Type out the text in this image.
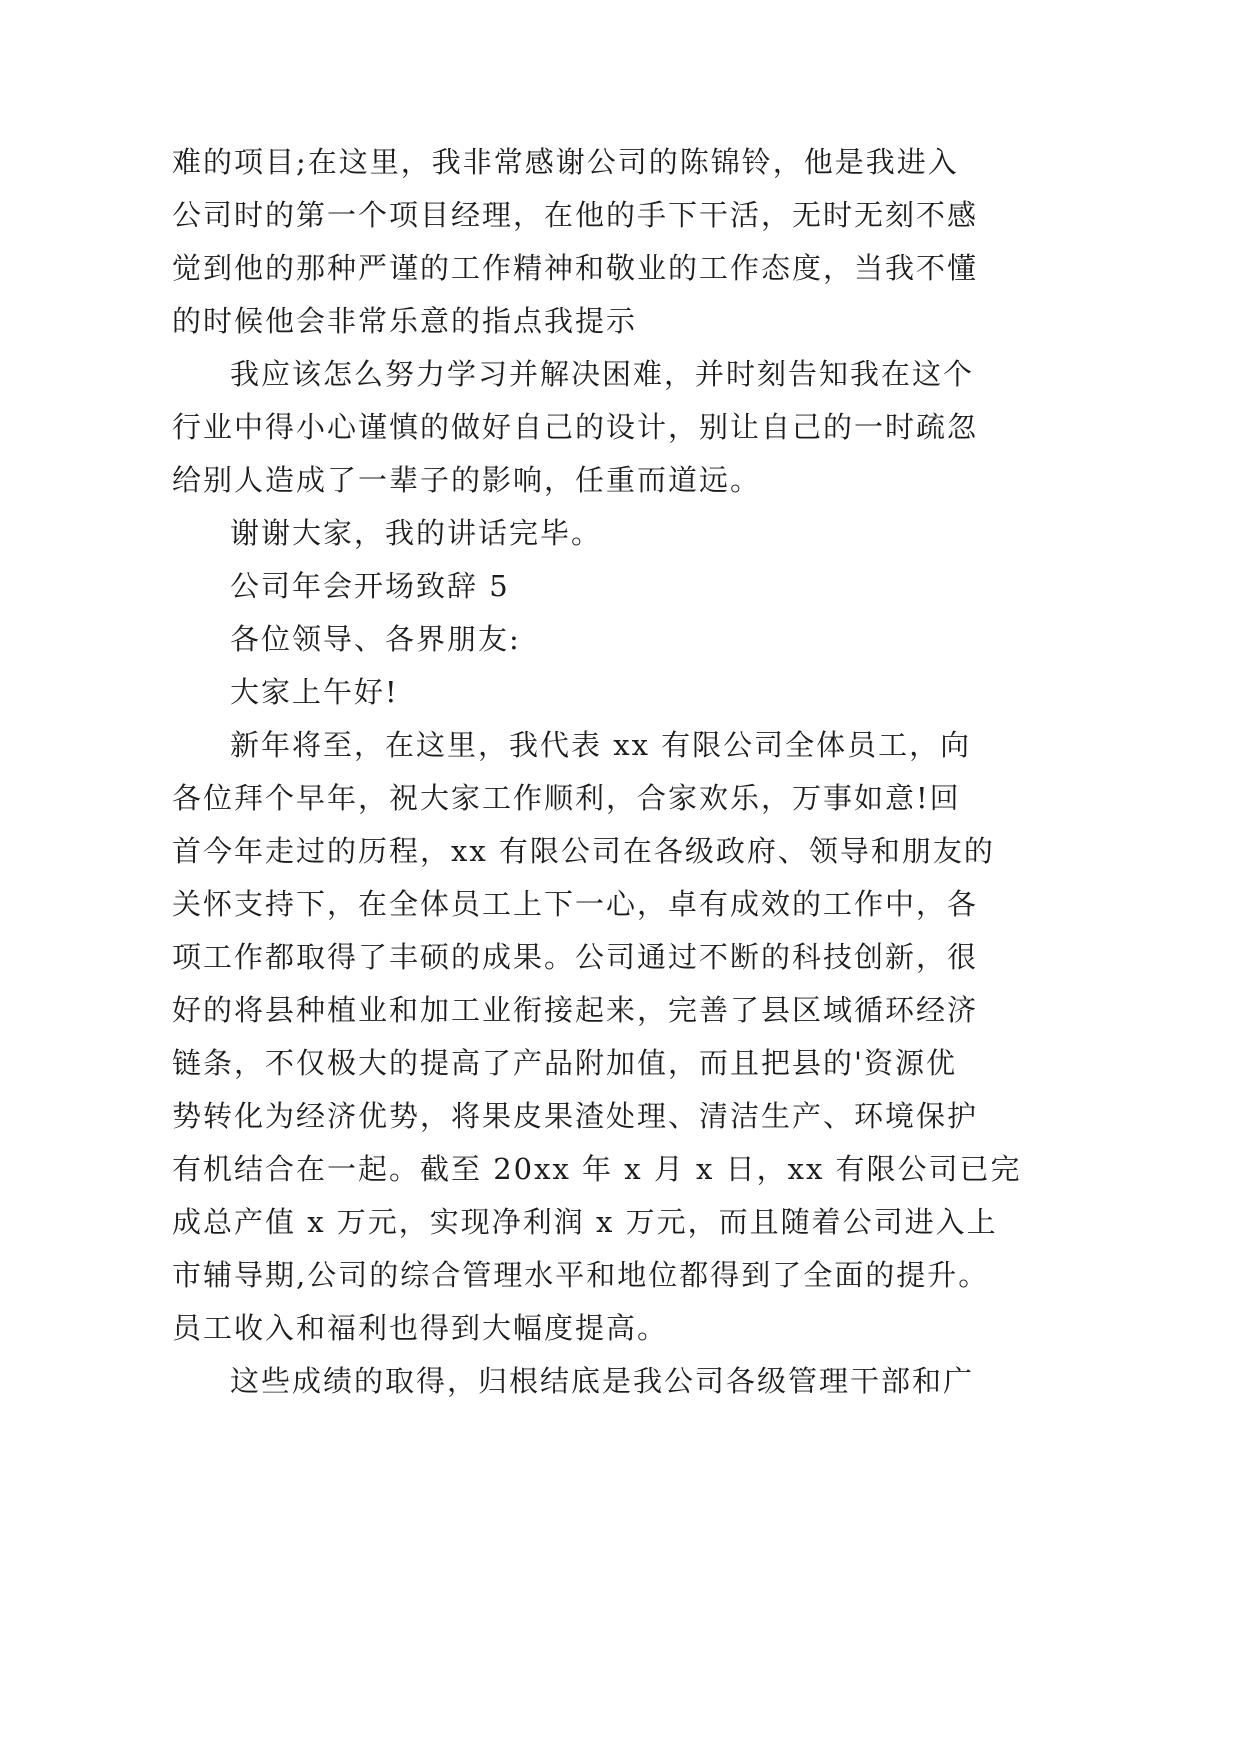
难的项目;在这里，我非常感谢公司的陈锦铃，他是我进入
公司时的第一个项目经理，在他的手下干活，无时无刻不感
觉到他的那种严谨的工作精神和敬业的工作态度，当我不懂
的时候他会非常乐意的指点我提示
我应该怎么努力学习并解决困难，并时刻告知我在这个
行业中得小心谨慎的做好自己的设计，别让自己的一时疏忽
给别人造成了一辈子的影响，任重而道远。
谢谢大家，我的讲话完毕。
公司年会开场致辞 5
各位领导、各界朋友:
大家上午好!
新年将至，在这里，我代表 xx 有限公司全体员工，向
各位拜个早年，祝大家工作顺利，合家欢乐，万事如意!回
首今年走过的历程，xx 有限公司在各级政府、领导和朋友的
关怀支持下，在全体员工上下一心，卓有成效的工作中，各
项工作都取得了丰硕的成果。公司通过不断的科技创新，很
好的将县种植业和加工业衔接起来，完善了县区域循环经济
链条，不仅极大的提高了产品附加值，而且把县的'资源优
势转化为经济优势，将果皮果渣处理、清洁生产、环境保护
有机结合在一起。截至 20xx 年 x 月 x 日，xx 有限公司已完
成总产值 x 万元，实现净利润 x 万元，而且随着公司进入上
市辅导期,公司的综合管理水平和地位都得到了全面的提升。
员工收入和福利也得到大幅度提高。
这些成绩的取得，归根结底是我公司各级管理干部和广
